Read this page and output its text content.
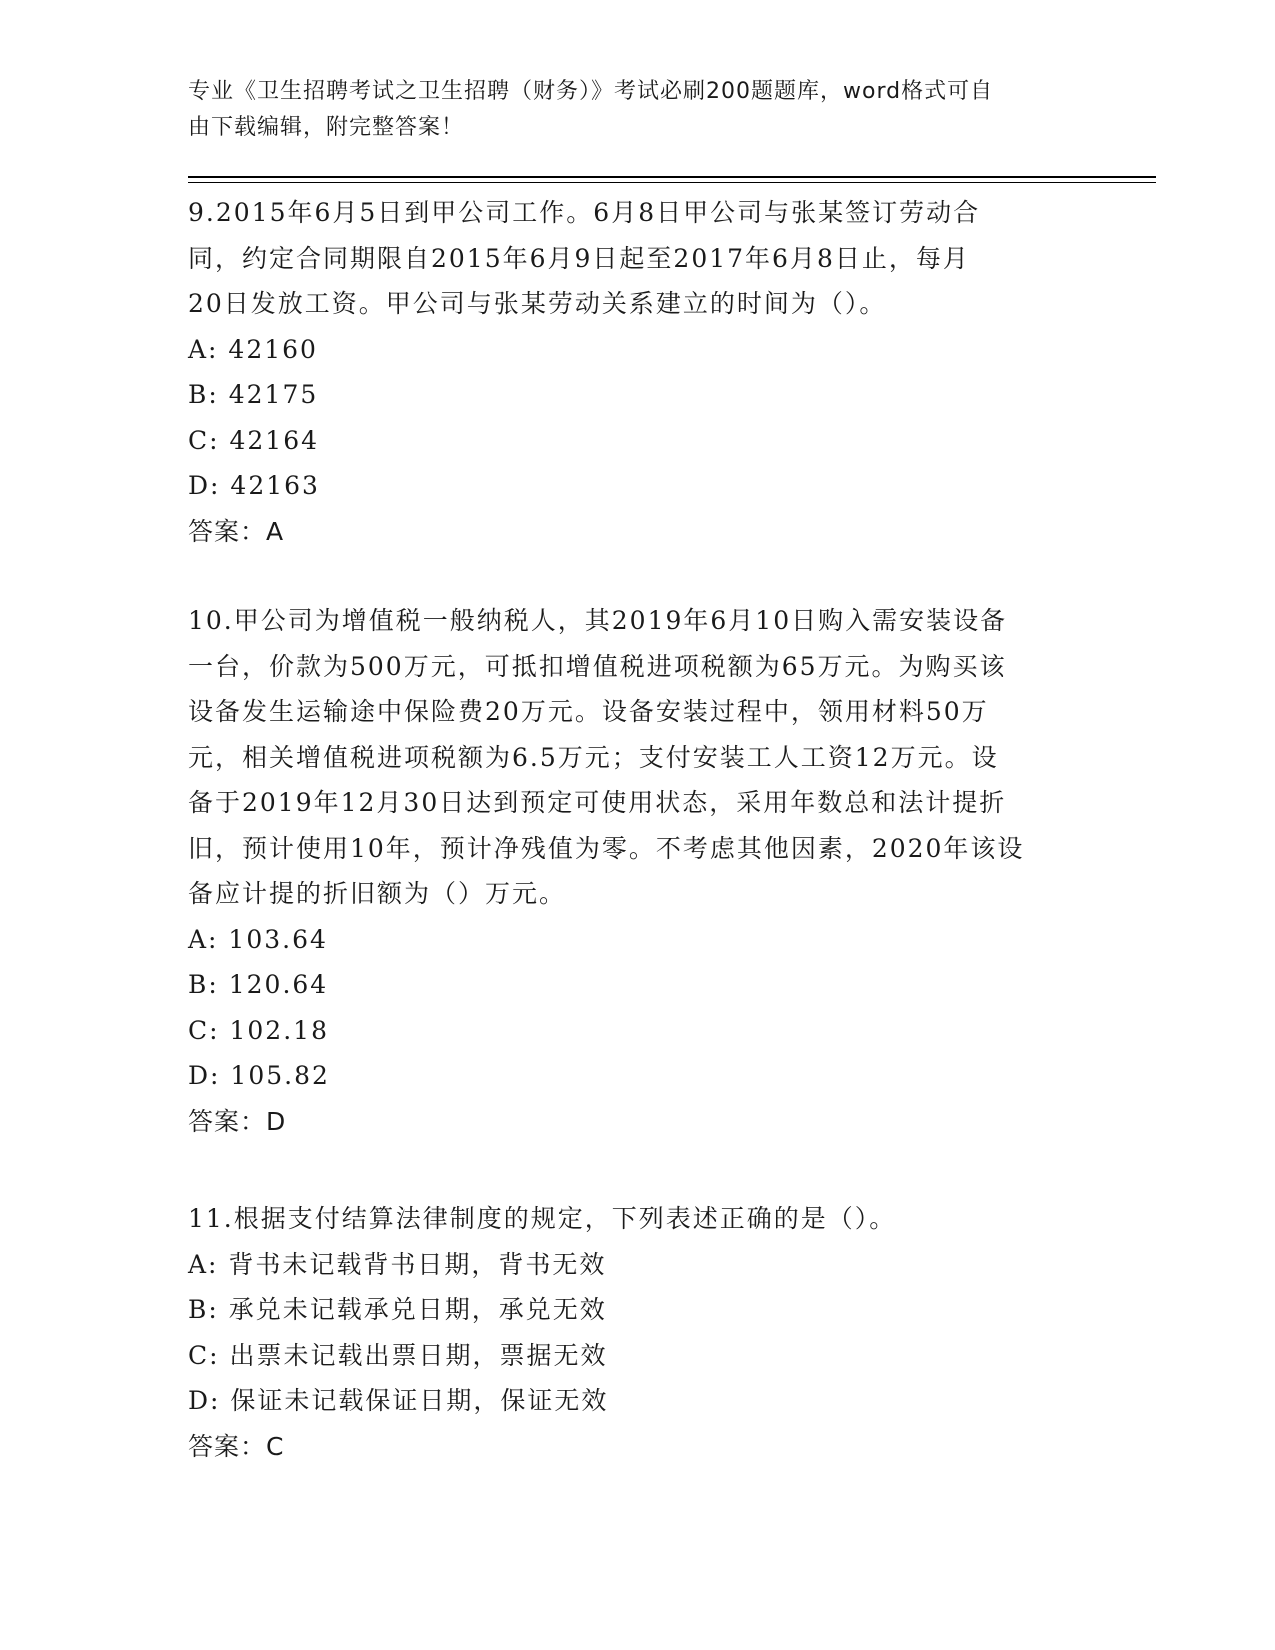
专业《卫生招聘考试之卫生招聘（财务）》考试必刷200题题库，word格式可自
由下载编辑，附完整答案！

9.2015年6月5日到甲公司工作。6月8日甲公司与张某签订劳动合

同，约定合同期限自2015年6月9日起至2017年6月8日止，每月

20日发放工资。甲公司与张某劳动关系建立的时间为（）。

A: 42160

B: 42175

C: 42164

D: 42163

答案：A

10.甲公司为增值税一般纳税人，其2019年6月10日购入需安装设备

一台，价款为500万元，可抵扣增值税进项税额为65万元。为购买该

设备发生运输途中保险费20万元。设备安装过程中，领用材料50万

元，相关增值税进项税额为6.5万元；支付安装工人工资12万元。设

备于2019年12月30日达到预定可使用状态，采用年数总和法计提折

旧，预计使用10年，预计净残值为零。不考虑其他因素，2020年该设

备应计提的折旧额为（）万元。

A: 103.64

B: 120.64

C: 102.18

D: 105.82

答案：D

11.根据支付结算法律制度的规定，下列表述正确的是（）。

A: 背书未记载背书日期，背书无效

B: 承兑未记载承兑日期，承兑无效

C: 出票未记载出票日期，票据无效

D: 保证未记载保证日期，保证无效

答案：C
